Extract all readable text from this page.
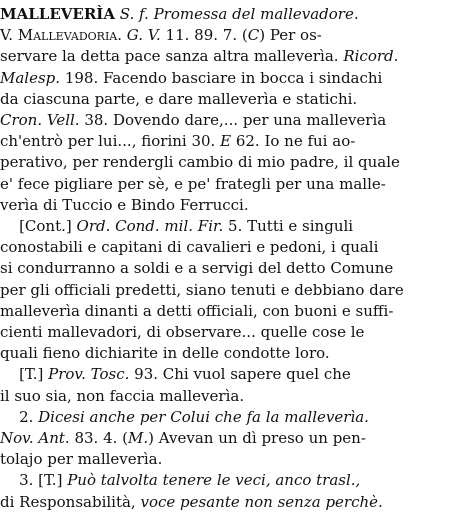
MALLEVERÌA S. f. Promessa del mallevadore.
V. Mallevadoria. G. V. 11. 89. 7. (C) Per os-
servare la detta pace sanza altra malleverìa. Ricord.
Malesp. 198. Facendo basciare in bocca i sindachi
da ciascuna parte, e dare malleverìa e statichi.
Cron. Vell. 38. Dovendo dare,... per una malleverìa
ch'entrò per lui..., fiorini 30. E 62. Io ne fui ao-
perativo, per rendergli cambio di mio padre, il quale
e' fece pigliare per sè, e pe' frategli per una malle-
verìa di Tuccio e Bindo Ferrucci.
[Cont.] Ord. Cond. mil. Fir. 5. Tutti e singuli
conostabili e capitani di cavalieri e pedoni, i quali
si condurranno a soldi e a servigi del detto Comune
per gli officiali predetti, siano tenuti e debbiano dare
malleverìa dinanti a detti officiali, con buoni e suffi-
cienti mallevadori, di observare... quelle cose le
quali fieno dichiarite in delle condotte loro.
[T.] Prov. Tosc. 93. Chi vuol sapere quel che
il suo sia, non faccia malleverìa.
2. Dicesi anche per Colui che fa la malleverìa.
Nov. Ant. 83. 4. (M.) Avevan un dì preso un pen-
tolajo per malleverìa.
3. [T.] Può talvolta tenere le veci, anco trasl.,
di Responsabilità, voce pesante non senza perchè.
